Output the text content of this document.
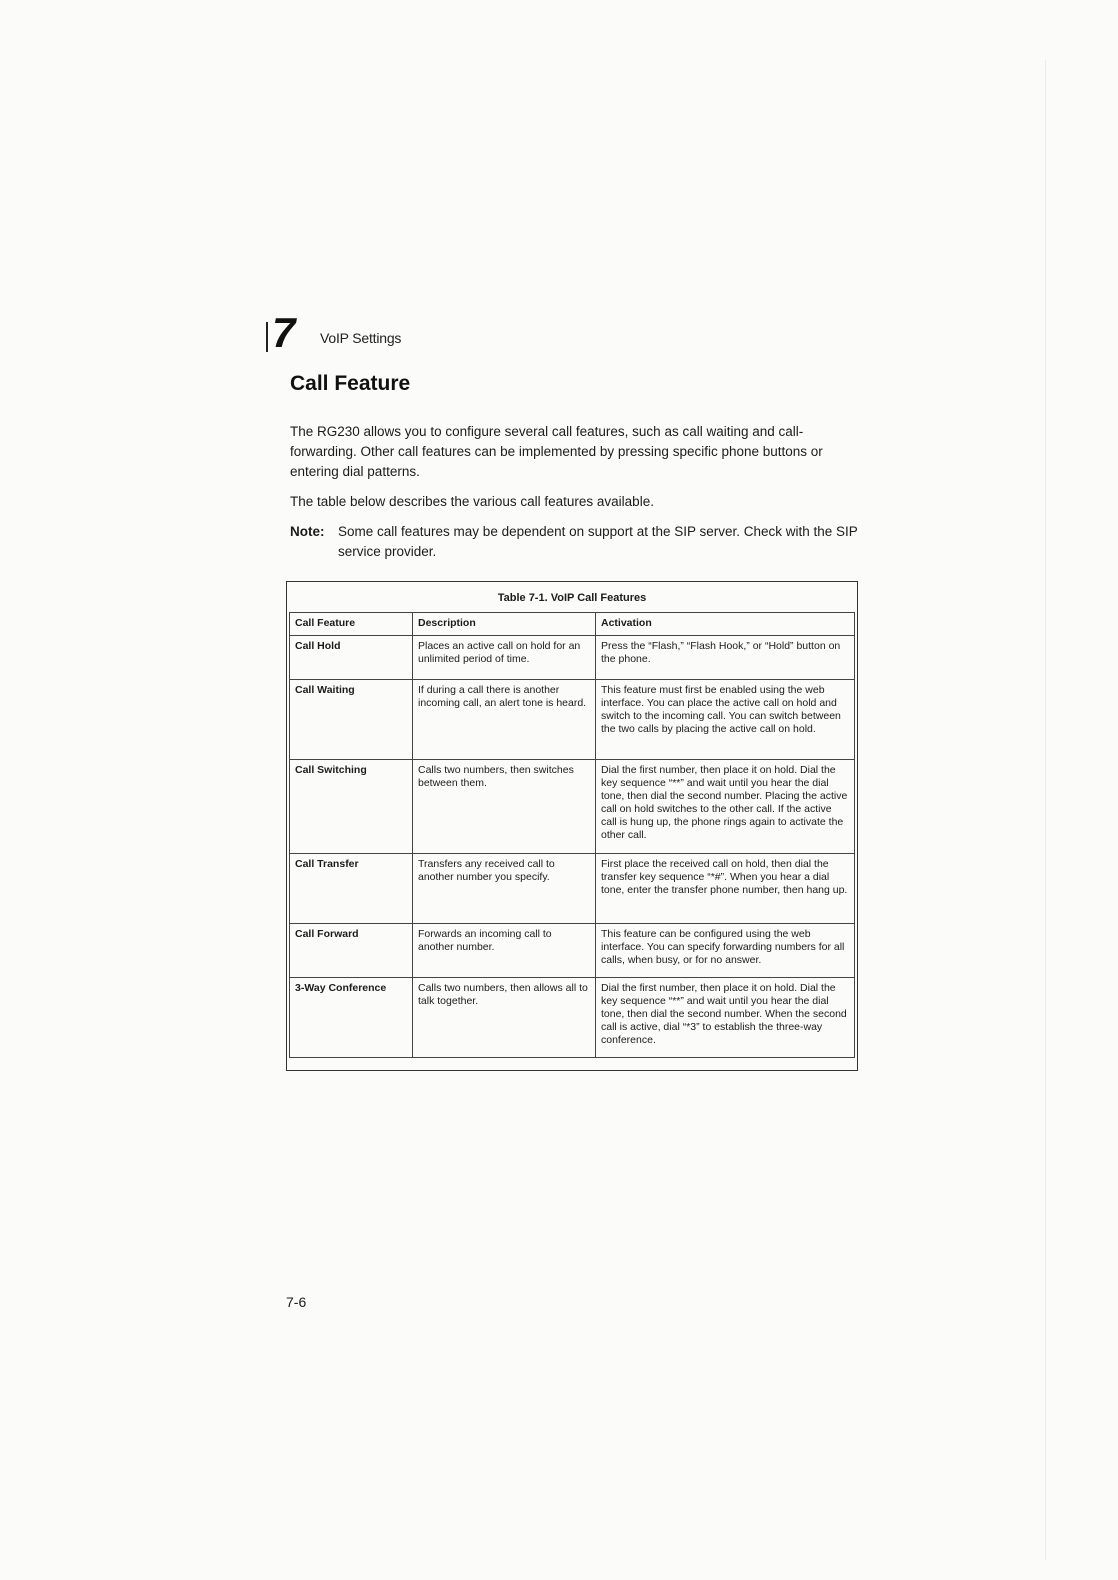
7 VoIP Settings
Call Feature

The RG230 allows you to configure several call features, such as call waiting and call-forwarding. Other call features can be implemented by pressing specific phone buttons or entering dial patterns.

The table below describes the various call features available.

Note: Some call features may be dependent on support at the SIP server. Check with the SIP service provider.
Table 7-1. VoIP Call Features
Call Feature	Description	Activation
Call Hold	Places an active call on hold for an unlimited period of time.	Press the “Flash,” “Flash Hook,” or “Hold” button on the phone.
Call Waiting	If during a call there is another incoming call, an alert tone is heard.	This feature must first be enabled using the web interface. You can place the active call on hold and switch to the incoming call. You can switch between the two calls by placing the active call on hold.
Call Switching	Calls two numbers, then switches between them.	Dial the first number, then place it on hold. Dial the key sequence “**” and wait until you hear the dial tone, then dial the second number. Placing the active call on hold switches to the other call. If the active call is hung up, the phone rings again to activate the other call.
Call Transfer	Transfers any received call to another number you specify.	First place the received call on hold, then dial the transfer key sequence “*#”. When you hear a dial tone, enter the transfer phone number, then hang up.
Call Forward	Forwards an incoming call to another number.	This feature can be configured using the web interface. You can specify forwarding numbers for all calls, when busy, or for no answer.
3-Way Conference	Calls two numbers, then allows all to talk together.	Dial the first number, then place it on hold. Dial the key sequence “**” and wait until you hear the dial tone, then dial the second number. When the second call is active, dial “*3” to establish the three-way conference.
7-6
